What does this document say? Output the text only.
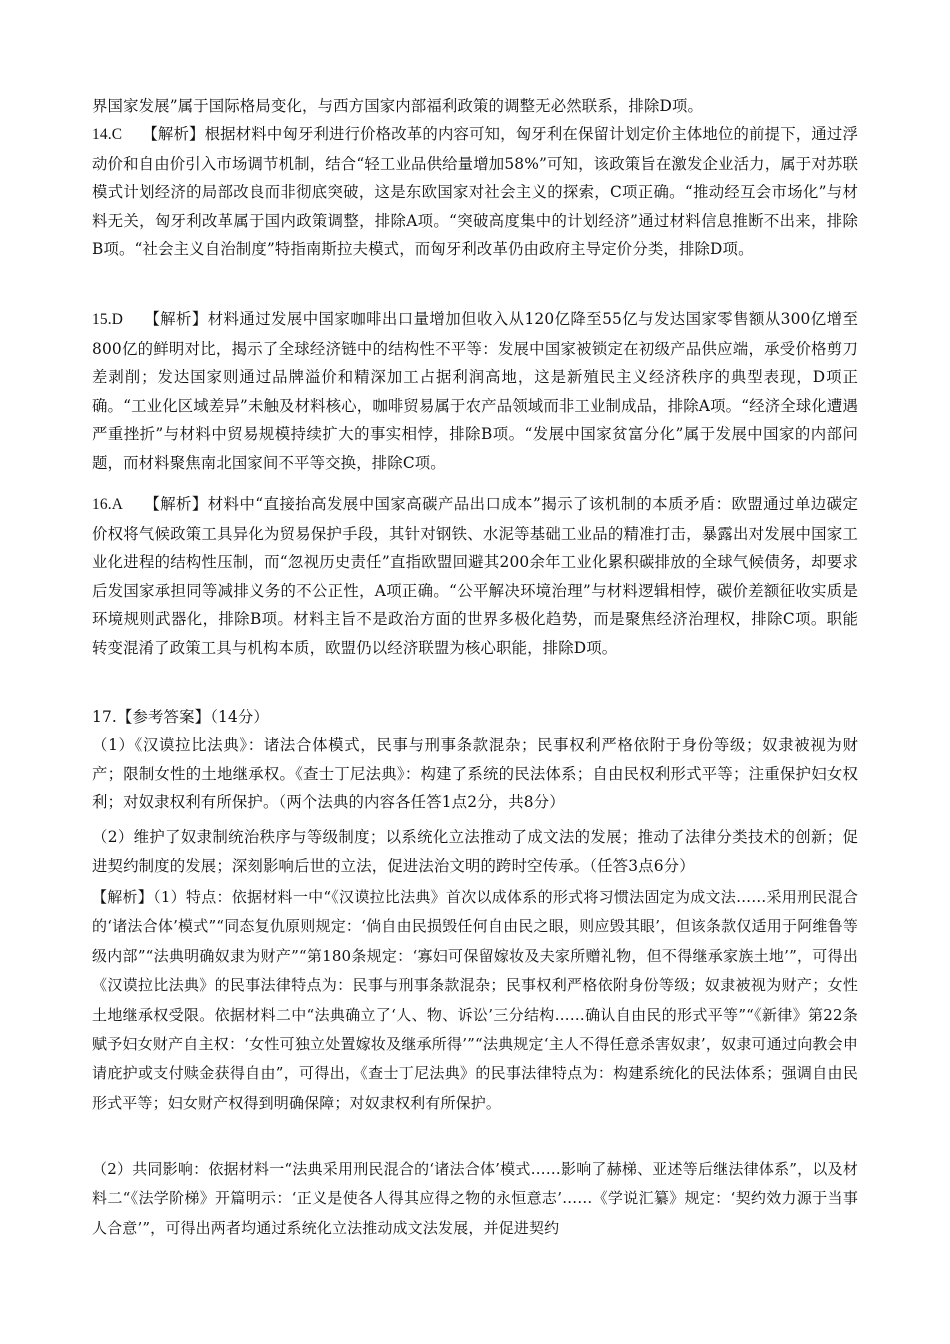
界国家发展”属于国际格局变化，与西方国家内部福利政策的调整无必然联系，排除D项。

14.C 【解析】根据材料中匈牙利进行价格改革的内容可知，匈牙利在保留计划定价主体地位的前提下，通过浮动价和自由价引入市场调节机制，结合“轻工业品供给量增加58%”可知，该政策旨在激发企业活力，属于对苏联模式计划经济的局部改良而非彻底突破，这是东欧国家对社会主义的探索，C项正确。“推动经互会市场化”与材料无关，匈牙利改革属于国内政策调整，排除A项。“突破高度集中的计划经济”通过材料信息推断不出来，排除B项。“社会主义自治制度”特指南斯拉夫模式，而匈牙利改革仍由政府主导定价分类，排除D项。

15.D 【解析】材料通过发展中国家咖啡出口量增加但收入从120亿降至55亿与发达国家零售额从300亿增至800亿的鲜明对比，揭示了全球经济链中的结构性不平等：发展中国家被锁定在初级产品供应端，承受价格剪刀差剥削；发达国家则通过品牌溢价和精深加工占据利润高地，这是新殖民主义经济秩序的典型表现，D项正确。“工业化区域差异”未触及材料核心，咖啡贸易属于农产品领域而非工业制成品，排除A项。“经济全球化遭遇严重挫折”与材料中贸易规模持续扩大的事实相悖，排除B项。“发展中国家贫富分化”属于发展中国家的内部问题，而材料聚焦南北国家间不平等交换，排除C项。

16.A 【解析】材料中“直接抬高发展中国家高碳产品出口成本”揭示了该机制的本质矛盾：欧盟通过单边碳定价权将气候政策工具异化为贸易保护手段，其针对钢铁、水泥等基础工业品的精准打击，暴露出对发展中国家工业化进程的结构性压制，而“忽视历史责任”直指欧盟回避其200余年工业化累积碳排放的全球气候债务，却要求后发国家承担同等减排义务的不公正性，A项正确。“公平解决环境治理”与材料逻辑相悖，碳价差额征收实质是环境规则武器化，排除B项。材料主旨不是政治方面的世界多极化趋势，而是聚焦经济治理权，排除C项。职能转变混淆了政策工具与机构本质，欧盟仍以经济联盟为核心职能，排除D项。

17.【参考答案】（14分）

（1）《汉谟拉比法典》：诸法合体模式，民事与刑事条款混杂；民事权利严格依附于身份等级；奴隶被视为财产；限制女性的土地继承权。《查士丁尼法典》：构建了系统的民法体系；自由民权利形式平等；注重保护妇女权利；对奴隶权利有所保护。（两个法典的内容各任答1点2分，共8分）

（2）维护了奴隶制统治秩序与等级制度；以系统化立法推动了成文法的发展；推动了法律分类技术的创新；促进契约制度的发展；深刻影响后世的立法，促进法治文明的跨时空传承。（任答3点6分）

【解析】（1）特点：依据材料一中“《汉谟拉比法典》首次以成体系的形式将习惯法固定为成文法……采用刑民混合的‘诸法合体’模式”“同态复仇原则规定：‘倘自由民损毁任何自由民之眼，则应毁其眼’，但该条款仅适用于阿维鲁等级内部”“法典明确奴隶为财产”“第180条规定：‘寡妇可保留嫁妆及夫家所赠礼物，但不得继承家族土地’”，可得出《汉谟拉比法典》的民事法律特点为：民事与刑事条款混杂；民事权利严格依附身份等级；奴隶被视为财产；女性土地继承权受限。依据材料二中“法典确立了‘人、物、诉讼’三分结构……确认自由民的形式平等”“《新律》第22条赋予妇女财产自主权：‘女性可独立处置嫁妆及继承所得’”“法典规定‘主人不得任意杀害奴隶’，奴隶可通过向教会申请庇护或支付赎金获得自由”，可得出，《查士丁尼法典》的民事法律特点为：构建系统化的民法体系；强调自由民形式平等；妇女财产权得到明确保障；对奴隶权利有所保护。

（2）共同影响：依据材料一“法典采用刑民混合的‘诸法合体’模式……影响了赫梯、亚述等后继法律体系”，以及材料二“《法学阶梯》开篇明示：‘正义是使各人得其应得之物的永恒意志’……《学说汇纂》规定：‘契约效力源于当事人合意’”，可得出两者均通过系统化立法推动成文法发展，并促进契约
